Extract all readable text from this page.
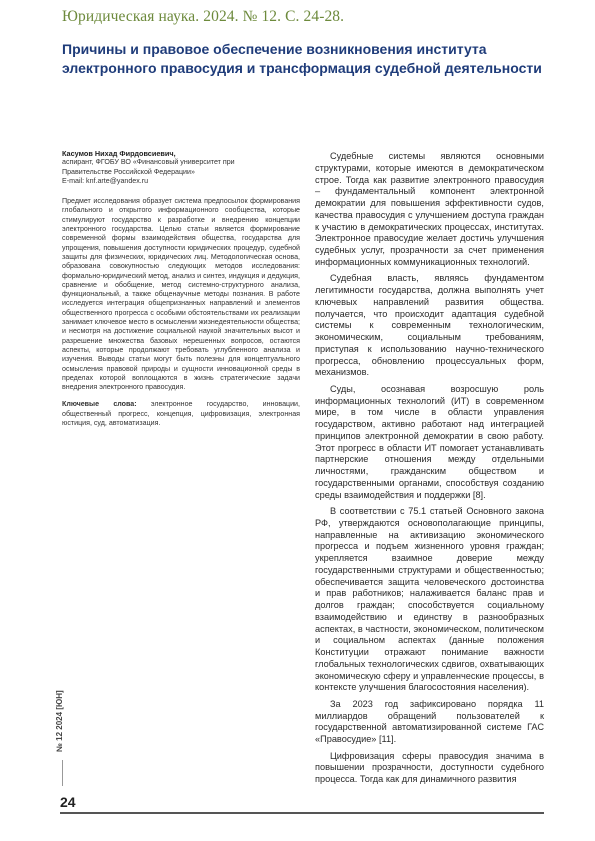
Юридическая наука. 2024. № 12. С. 24-28.
Причины и правовое обеспечение возникновения института электронного правосудия и трансформация судебной деятельности
Касумов Нихад Фирдовсиевич,
аспирант, ФГОБУ ВО «Финансовый университет при
Правительстве Российской Федерации»
E-mail: knf.arte@yandex.ru
Предмет исследования образует система предпосылок формирования глобального и открытого информационного сообщества, которые стимулируют государство к разработке и внедрению концепции электронного государства. Целью статьи является формирование современной формы взаимодействия общества, государства для упрощения, повышения доступности юридических процедур, судебной защиты для физических, юридических лиц. Методологическая основа, образована совокупностью следующих методов исследования: формально-юридический метод, анализ и синтез, индукция и дедукция, сравнение и обобщение, метод системно-структурного анализа, функциональный, а также общенаучные методы познания. В работе исследуется интеграция общепризнанных направлений и элементов общественного прогресса с особыми обстоятельствами их реализации занимает ключевое место в осмыслении жизнедеятельности общества; и несмотря на достижение социальной наукой значительных высот и разрешение множества базовых нерешенных вопросов, остаются аспекты, которые продолжают требовать углубленного анализа и изучения. Выводы статьи могут быть полезны для концептуального осмысления правовой природы и сущности инновационной среды в пределах которой воплощаются в жизнь стратегические задачи внедрения электронного правосудия.
Ключевые слова: электронное государство, инновации, общественный прогресс, концепция, цифровизация, электронная юстиция, суд, автоматизация.

Судебные системы являются основными структурами, которые имеются в демократическом строе. Тогда как развитие электронного правосудия – фундаментальный компонент электронной демократии для повышения эффективности судов, качества правосудия с улучшением доступа граждан к участию в демократических процессах, институтах. Электронное правосудие желает достичь улучшения судебных услуг, прозрачности за счет применения информационных коммуникационных технологий.

Судебная власть, являясь фундаментом легитимности государства, должна выполнять учет ключевых направлений развития общества. получается, что происходит адаптация судебной системы к современным технологическим, экономическим, социальным требованиям, приступая к использованию научно-технического прогресса, обновлению процессуальных форм, механизмов.

Суды, осознавая возросшую роль информационных технологий (ИТ) в современном мире, в том числе в области управления государством, активно работают над интеграцией принципов электронной демократии в свою работу. Этот прогресс в области ИТ помогает устанавливать партнерские отношения между отдельными личностями, гражданским обществом и государственными органами, способствуя созданию среды взаимодействия и поддержки [8].

В соответствии с 75.1 статьей Основного закона РФ, утверждаются основополагающие принципы, направленные на активизацию экономического прогресса и подъем жизненного уровня граждан; укрепляется взаимное доверие между государственными структурами и общественностью; обеспечивается защита человеческого достоинства и прав работников; налаживается баланс прав и долгов граждан; способствуется социальному взаимодействию и единству в разнообразных аспектах, в частности, экономическом, политическом и социальном аспектах (данные положения Конституции отражают понимание важности глобальных технологических сдвигов, охватывающих экономическую сферу и управленческие процессы, в контексте улучшения благосостояния населения).

За 2023 год зафиксировано порядка 11 миллиардов обращений пользователей к государственной автоматизированной системе ГАС «Правосудие» [11].

Цифровизация сферы правосудия значима в повышении прозрачности, доступности судебного процесса. Тогда как для динамичного развития

№ 12 2024 [ЮН]
24
